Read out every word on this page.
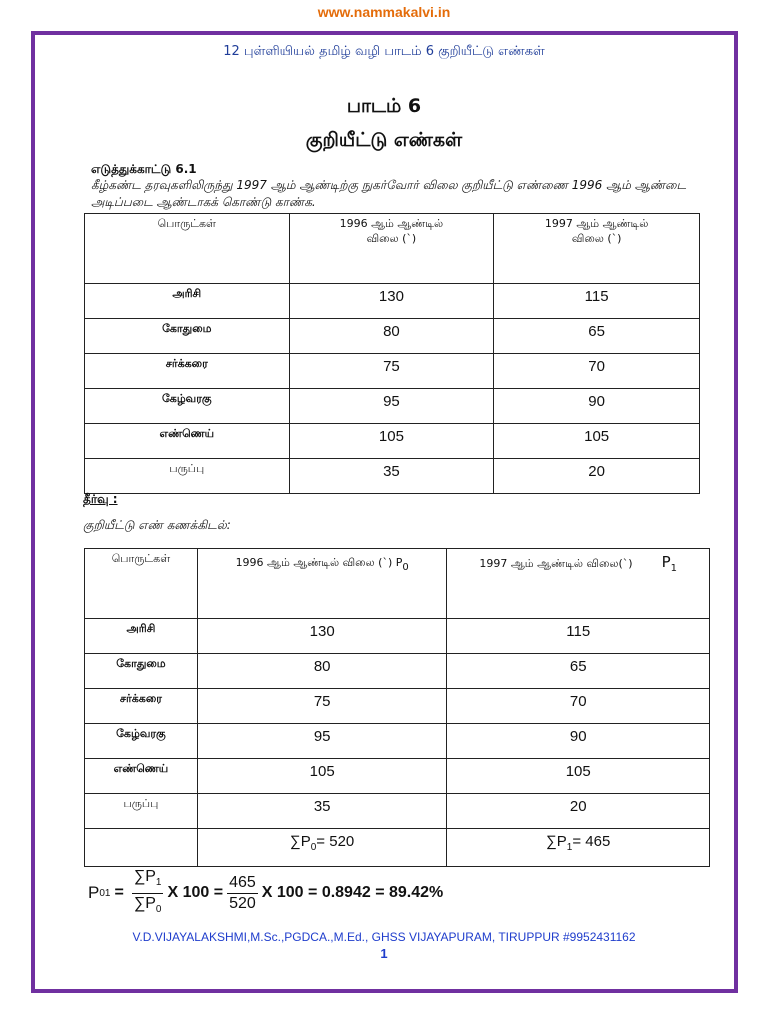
www.nammakalvi.in
12 புள்ளியியல் தமிழ் வழி பாடம் 6 குறியீட்டு எண்கள்
பாடம் 6
குறியீட்டு எண்கள்
எடுத்துக்காட்டு 6.1
கீழ்கண்ட தரவுகளிலிருந்து 1997 ஆம் ஆண்டிற்கு நுகர்வோர் விலை குறியீட்டு எண்ணை 1996 ஆம் ஆண்டை அடிப்படை ஆண்டாகக் கொண்டு காண்க.
பொருட்கள்	1996 ஆம் ஆண்டில் விலை (`)	1997 ஆம் ஆண்டில் விலை (`)

அரிசி	130	115
கோதுமை	80	65
சர்க்கரை	75	70
கேழ்வரகு	95	90
எண்ணெய்	105	105
பருப்பு	35	20
தீர்வு :
குறியீட்டு எண் கணக்கிடல்:
பொருட்கள்	1996 ஆம் ஆண்டில் விலை (`) P0	1997 ஆம் ஆண்டில் விலை(`) P1
அரிசி	130	115
கோதுமை	80	65
சர்க்கரை	75	70
கேழ்வரகு	95	90
எண்ணெய்	105	105
பருப்பு	35	20
	$\sum P_0= 520$	$\sum P_1= 465$
P $01 = \frac{\sum P_1}{\sum P_0}$ X $100 = \frac{465}{520}$ X 100 = 0.8942 = 89.42%
V.D.VIJAYALAKSHMI,M.Sc.,PGDCA.,M.Ed., GHSS VIJAYAPURAM, TIRUPPUR #9952431162
1
